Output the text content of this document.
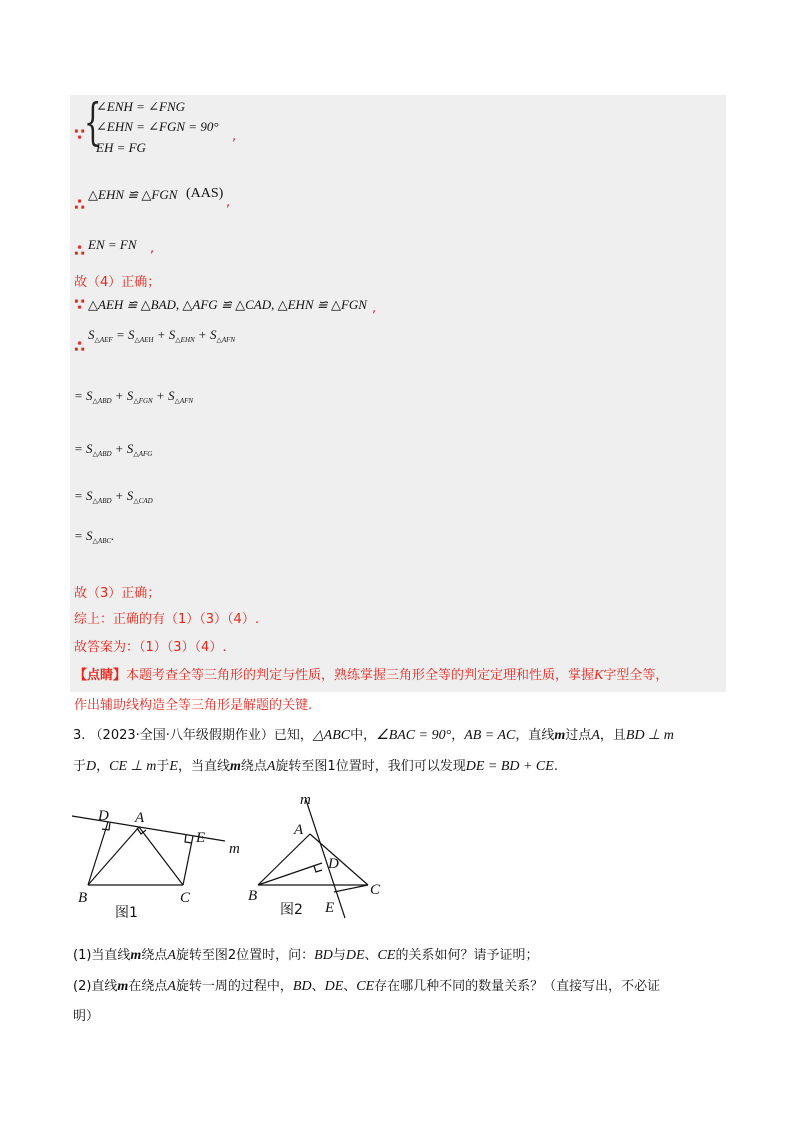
∵
{
∠ENH = ∠FNG
∠EHN = ∠FGN = 90°
EH = FG
,
∴
△EHN ≌ △FGN (AAS)
,
∴ EN = FN ,
故（4）正确；
∵ △AEH ≌ △BAD, △AFG ≌ △CAD, △EHN ≌ △FGN ,
∴
$S_{\triangle AEF} = S_{\triangle AEH} + S_{\triangle EHN} + S_{\triangle AFN}$
= $S_{\triangle ABD} + S_{\triangle FGN} + S_{\triangle AFN}$
= $S_{\triangle ABD} + S_{\triangle AFG}$
= $S_{\triangle ABD} + S_{\triangle CAD}$
= $S_{\triangle ABC}$.
故（3）正确；
综上：正确的有（1）（3）（4）.
故答案为：（1）（3）（4）.
【点睛】本题考查全等三角形的判定与性质，熟练掌握三角形全等的判定定理和性质，掌握K字型全等，
作出辅助线构造全等三角形是解题的关键.
3. （2023·全国·八年级假期作业）已知，△ABC中，∠BAC = 90°，AB = AC，直线m过点A，且BD ⊥ m
于D，CE ⊥ m于E，当直线m绕点A旋转至图1位置时，我们可以发现DE = BD + CE.
D A
E
m
B	C
图1
m
A
D
B	C
E
图2
(1)当直线m绕点A旋转至图2位置时，问：BD与DE、CE的关系如何？请予证明；
(2)直线m在绕点A旋转一周的过程中，BD、DE、CE存在哪几种不同的数量关系？（直接写出，不必证
明）
